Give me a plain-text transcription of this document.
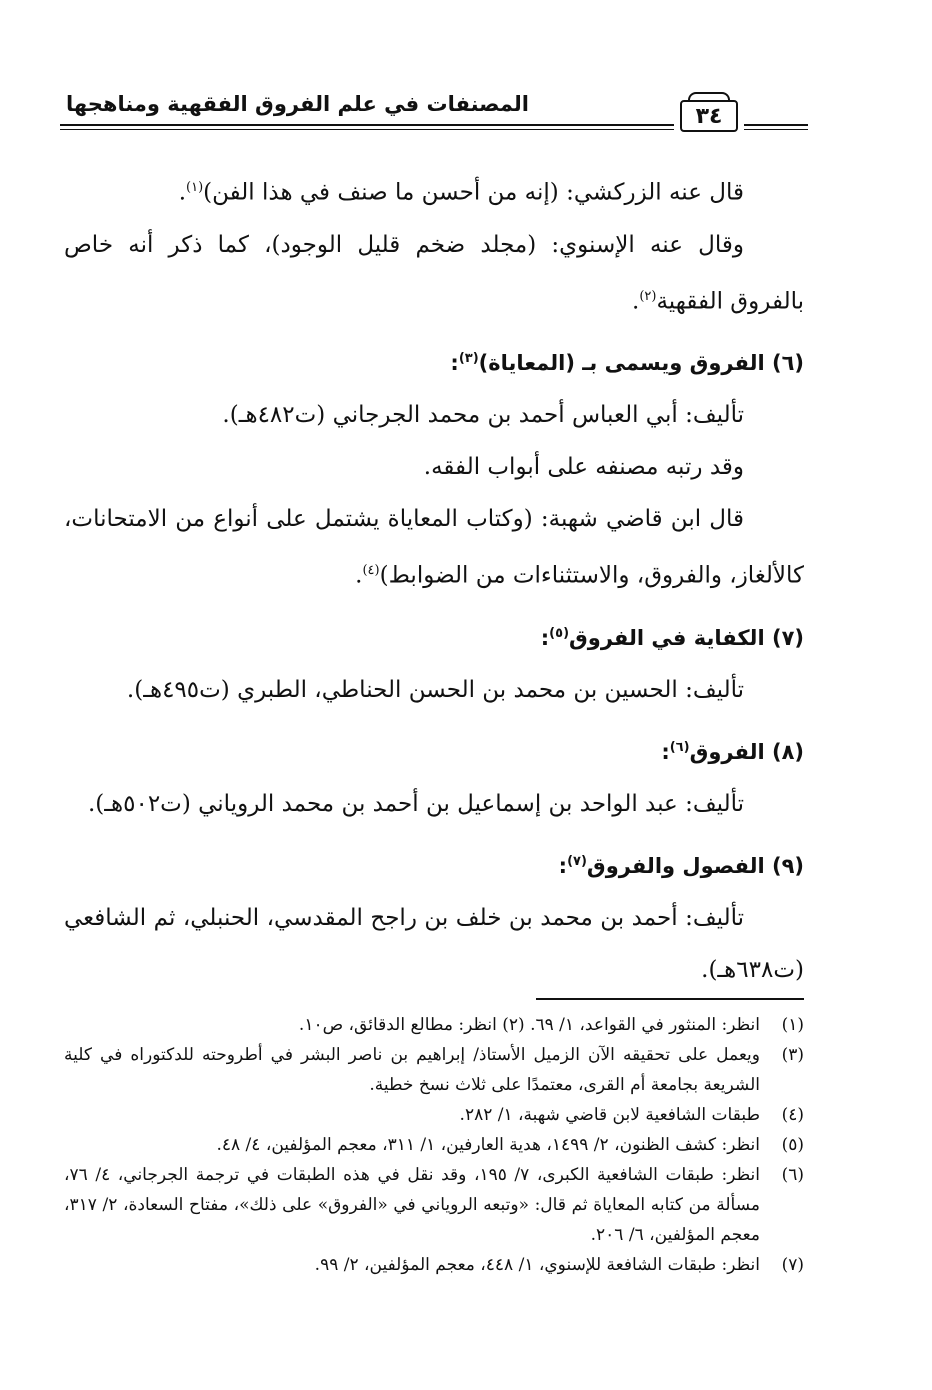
المصنفات في علم الفروق الفقهية ومناهجها	٣٤

قال عنه الزركشي: (إنه من أحسن ما صنف في هذا الفن)$^{(١)}$.

وقال عنه الإسنوي: (مجلد ضخم قليل الوجود)، كما ذكر أنه خاص بالفروق الفقهية$^{(٢)}$.

(٦) الفروق ويسمى بـ (المعاياة)$^{(٣)}$:

تأليف: أبي العباس أحمد بن محمد الجرجاني (ت٤٨٢هـ).

وقد رتبه مصنفه على أبواب الفقه.

قال ابن قاضي شهبة: (وكتاب المعاياة يشتمل على أنواع من الامتحانات، كالألغاز، والفروق، والاستثناءات من الضوابط)$^{(٤)}$.

(٧) الكفاية في الفروق$^{(٥)}$:

تأليف: الحسين بن محمد بن الحسن الحناطي، الطبري (ت٤٩٥هـ).

(٨) الفروق$^{(٦)}$:

تأليف: عبد الواحد بن إسماعيل بن أحمد بن محمد الروياني (ت٥٠٢هـ).

(٩) الفصول والفروق$^{(٧)}$:

تأليف: أحمد بن محمد بن خلف بن راجح المقدسي، الحنبلي، ثم الشافعي (ت٦٣٨هـ).

(١)
انظر: المنثور في القواعد، ١/ ٦٩. (٢) انظر: مطالع الدقائق، ص١٠.
(٣)
ويعمل على تحقيقه الآن الزميل الأستاذ/ إبراهيم بن ناصر البشر في أطروحته للدكتوراه في كلية الشريعة بجامعة أم القرى، معتمدًا على ثلاث نسخ خطية.
(٤)
طبقات الشافعية لابن قاضي شهبة، ١/ ٢٨٢.
(٥)
انظر: كشف الظنون، ٢/ ١٤٩٩، هدية العارفين، ١/ ٣١١، معجم المؤلفين، ٤/ ٤٨.
(٦)
انظر: طبقات الشافعية الكبرى، ٧/ ١٩٥، وقد نقل في هذه الطبقات في ترجمة الجرجاني، ٤/ ٧٦، مسألة من كتابه المعاياة ثم قال: «وتبعه الروياني في «الفروق» على ذلك»، مفتاح السعادة، ٢/ ٣١٧، معجم المؤلفين، ٦/ ٢٠٦.
(٧)
انظر: طبقات الشافعة للإسنوي، ١/ ٤٤٨، معجم المؤلفين، ٢/ ٩٩.
